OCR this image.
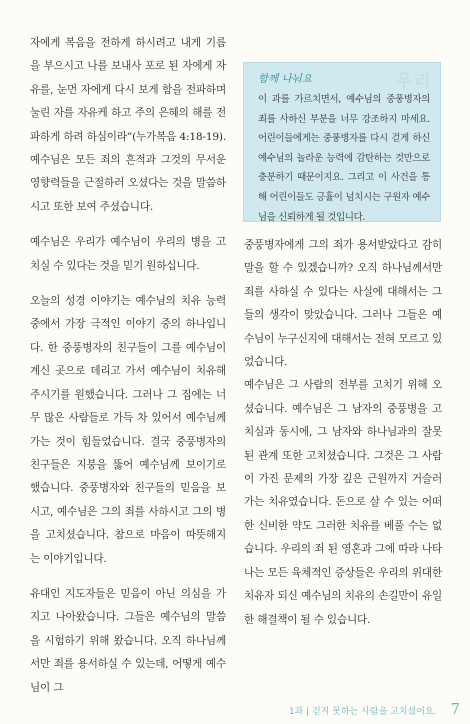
자에게 복음을 전하게 하시려고 내게 기름을 부으시고 나를 보내사 포로 된 자에게 자유를, 눈먼 자에게 다시 보게 함을 전파하며 눌린 자를 자유케 하고 주의 은혜의 해를 전파하게 하려 하심이라”(누가복음 4:18-19). 예수님은 모든 죄의 흔적과 그것의 무서운 영향력들을 근절하러 오셨다는 것을 말씀하시고 또한 보여 주셨습니다.

예수님은 우리가 예수님이 우리의 병을 고치실 수 있다는 것을 믿기 원하십니다.

오늘의 성경 이야기는 예수님의 치유 능력 중에서 가장 극적인 이야기 중의 하나입니다. 한 중풍병자의 친구들이 그를 예수님이 계신 곳으로 데리고 가서 예수님이 치유해 주시기를 원했습니다. 그러나 그 집에는 너무 많은 사람들로 가득 차 있어서 예수님께 가는 것이 힘들었습니다. 결국 중풍병자의 친구들은 지붕을 뚫어 예수님께 보이기로 했습니다. 중풍병자와 친구들의 믿음을 보시고, 예수님은 그의 죄를 사하시고 그의 병을 고치셨습니다. 참으로 마음이 따뜻해지는 이야기입니다.

유대인 지도자들은 믿음이 아닌 의심을 가지고 나아왔습니다. 그들은 예수님의 말씀을 시험하기 위해 왔습니다. 오직 하나님께서만 죄를 용서하실 수 있는데, 어떻게 예수님이 그

우리

함께 나눠요

이 과를 가르치면서, 예수님의 중풍병자의 죄를 사하신 부분을 너무 강조하지 마세요. 어린이들에게는 중풍병자를 다시 걷게 하신 예수님의 놀라운 능력에 감탄하는 것만으로 충분하기 때문이지요. 그리고 이 사건을 통해 어린이들도 긍휼이 넘치시는 구원자 예수님을 신뢰하게 될 것입니다.

중풍병자에게 그의 죄가 용서받았다고 감히 말을 할 수 있겠습니까? 오직 하나님께서만 죄를 사하실 수 있다는 사실에 대해서는 그들의 생각이 맞았습니다. 그러나 그들은 예수님이 누구신지에 대해서는 전혀 모르고 있었습니다.

예수님은 그 사람의 전부를 고치기 위해 오셨습니다. 예수님은 그 남자의 중풍병을 고치심과 동시에, 그 남자와 하나님과의 잘못된 관계 또한 고치셨습니다. 그것은 그 사람이 가진 문제의 가장 깊은 근원까지 거슬러가는 치유였습니다. 돈으로 살 수 있는 어떠한 신비한 약도 그러한 치유를 베풀 수는 없습니다. 우리의 죄 된 영혼과 그에 따라 나타나는 모든 육체적인 증상들은 우리의 위대한 치유자 되신 예수님의 치유의 손길만이 유일한 해결책이 될 수 있습니다.

1과 | 걷지 못하는 사람을 고치셨어요. 7
